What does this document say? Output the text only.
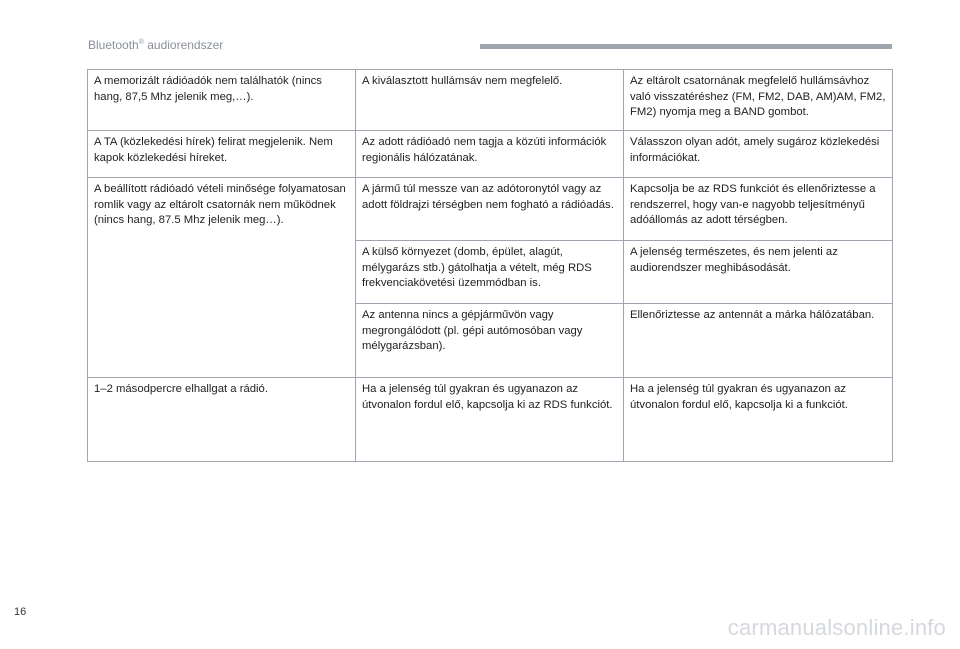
Bluetooth® audiorendszer
A memorizált rádióadók nem találhatók (nincs hang, 87,5 Mhz jelenik meg,…).	A kiválasztott hullámsáv nem megfelelő.	Az eltárolt csatornának megfelelő hullámsávhoz való visszatéréshez (FM, FM2, DAB, AM)AM, FM2, FM2) nyomja meg a BAND gombot.
A TA (közlekedési hírek) felirat megjelenik. Nem kapok közlekedési híreket.	Az adott rádióadó nem tagja a közúti információk regionális hálózatának.	Válasszon olyan adót, amely sugároz közlekedési információkat.
A beállított rádióadó vételi minősége folyamatosan romlik vagy az eltárolt csatornák nem működnek (nincs hang, 87.5 Mhz jelenik meg…).	A jármű túl messze van az adótoronytól vagy az adott földrajzi térségben nem fogható a rádióadás.	Kapcsolja be az RDS funkciót és ellenőriztesse a rendszerrel, hogy van-e nagyobb teljesítményű adóállomás az adott térségben.
	A külső környezet (domb, épület, alagút, mélygarázs stb.) gátolhatja a vételt, még RDS frekvenciakövetési üzemmódban is.	A jelenség természetes, és nem jelenti az audiorendszer meghibásodását.
	Az antenna nincs a gépjárművön vagy megrongálódott (pl. gépi autómosóban vagy mélygarázsban).	Ellenőriztesse az antennát a márka hálózatában.
1–2 másodpercre elhallgat a rádió.	Ha a jelenség túl gyakran és ugyanazon az útvonalon fordul elő, kapcsolja ki az RDS funkciót.	Ha a jelenség túl gyakran és ugyanazon az útvonalon fordul elő, kapcsolja ki a funkciót.
16
carmanualsonline.info
